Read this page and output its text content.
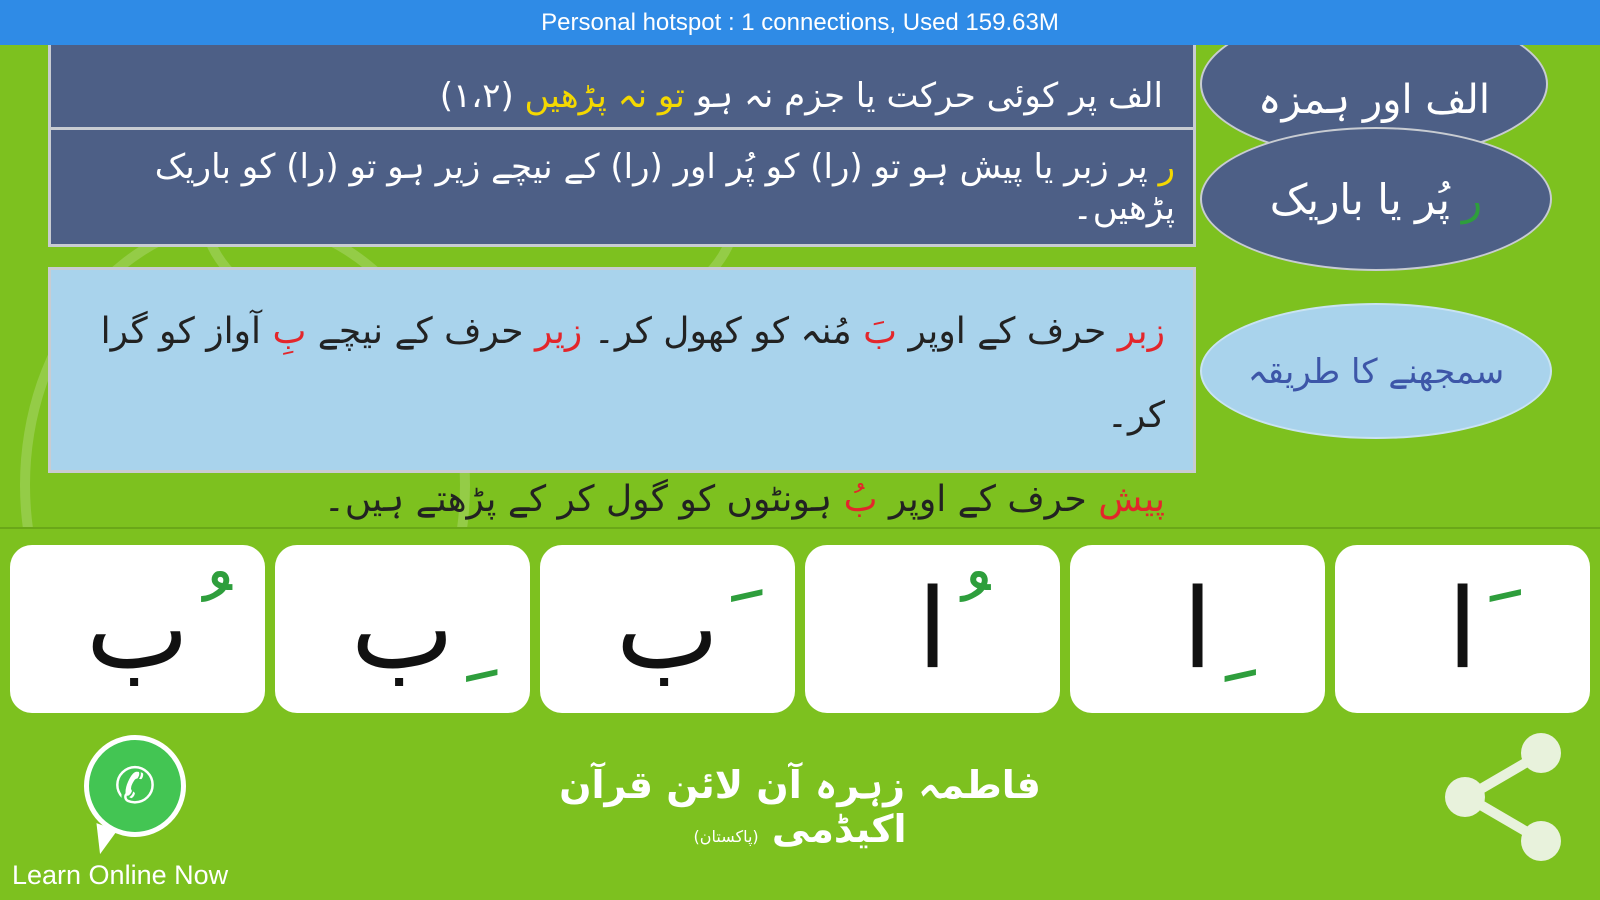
Personal hotspot : 1 connections, Used 159.63M
الف پر کوئی حرکت یا جزم نہ ہو تو نہ پڑھیں (۱،۲)	الف اور ہمزہ
ر پر زبر یا پیش ہو تو (را) کو پُر اور (را) کے نیچے زیر ہو تو (را) کو باریک پڑھیں۔	ر
پُر یا باریک
زبر حرف کے اوپر بَ مُنہ کو کھول کر۔ زیر حرف کے نیچے بِ آواز کو گرا کر۔
پیش حرف کے اوپر بُ ہونٹوں کو گول کر کے پڑھتے ہیں۔
سمجھنے کا طریقہ
ا
ا
ا
ب
ب
ب
✆
Learn Online Now
فاطمہ زہرہ آن لائن قرآن اکیڈمی (پاکستان)
